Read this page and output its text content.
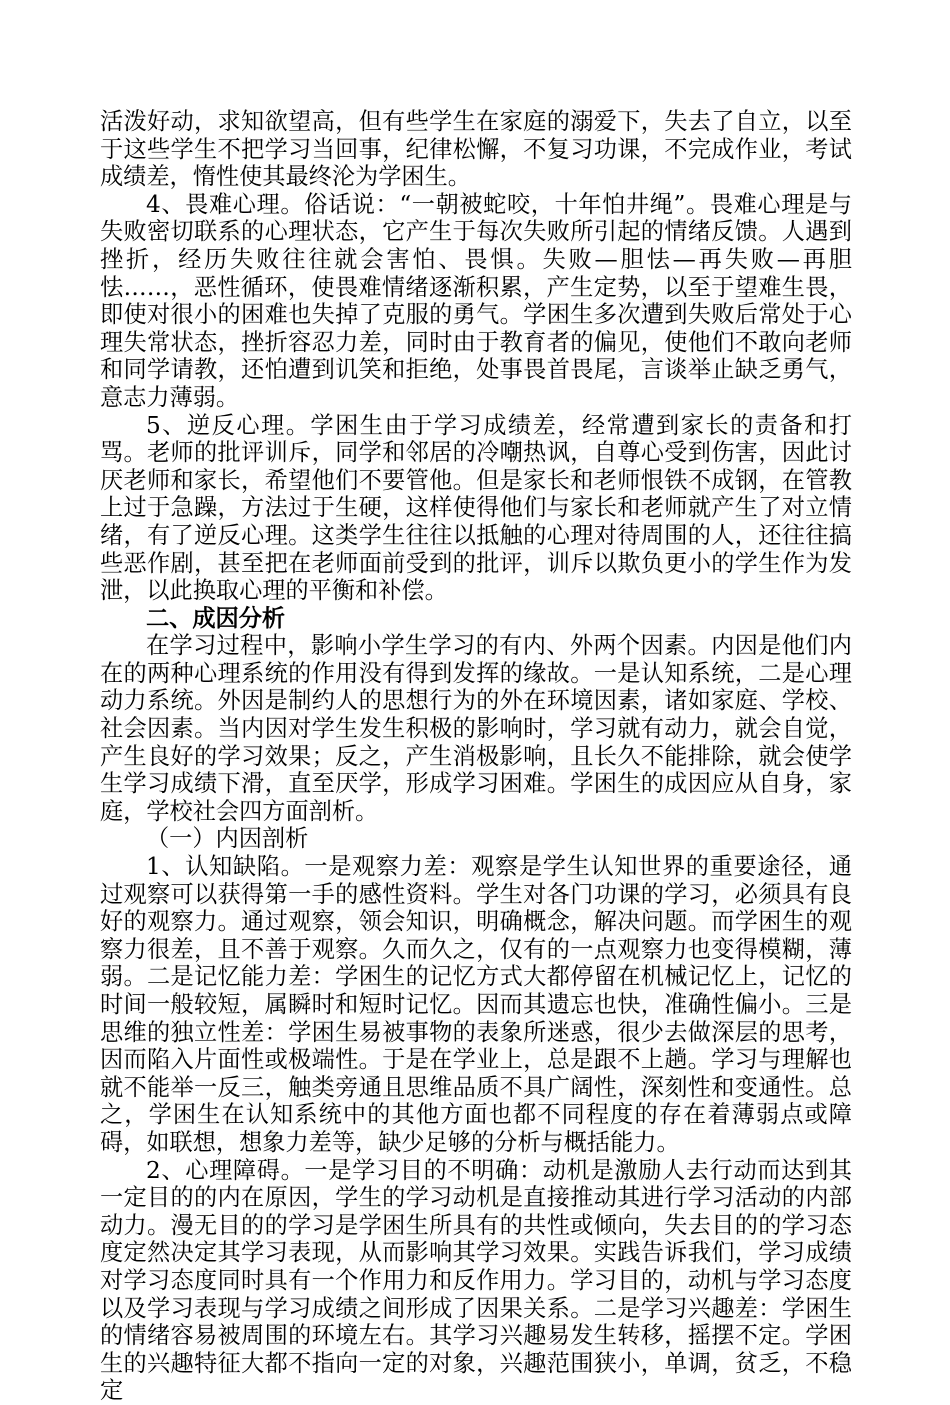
活泼好动，求知欲望高，但有些学生在家庭的溺爱下，失去了自立，以至于这些学生不把学习当回事，纪律松懈，不复习功课，不完成作业，考试成绩差，惰性使其最终沦为学困生。

4、畏难心理。俗话说：“一朝被蛇咬，十年怕井绳”。畏难心理是与失败密切联系的心理状态，它产生于每次失败所引起的情绪反馈。人遇到挫折，经历失败往往就会害怕、畏惧。失败—胆怯—再失败—再胆怯……，恶性循环，使畏难情绪逐渐积累，产生定势，以至于望难生畏，即使对很小的困难也失掉了克服的勇气。学困生多次遭到失败后常处于心理失常状态，挫折容忍力差，同时由于教育者的偏见，使他们不敢向老师和同学请教，还怕遭到讥笑和拒绝，处事畏首畏尾，言谈举止缺乏勇气，意志力薄弱。

5、逆反心理。学困生由于学习成绩差，经常遭到家长的责备和打骂。老师的批评训斥，同学和邻居的冷嘲热讽，自尊心受到伤害，因此讨厌老师和家长，希望他们不要管他。但是家长和老师恨铁不成钢，在管教上过于急躁，方法过于生硬，这样使得他们与家长和老师就产生了对立情绪，有了逆反心理。这类学生往往以抵触的心理对待周围的人，还往往搞些恶作剧，甚至把在老师面前受到的批评，训斥以欺负更小的学生作为发泄，以此换取心理的平衡和补偿。

二、成因分析

在学习过程中，影响小学生学习的有内、外两个因素。内因是他们内在的两种心理系统的作用没有得到发挥的缘故。一是认知系统，二是心理动力系统。外因是制约人的思想行为的外在环境因素，诸如家庭、学校、社会因素。当内因对学生发生积极的影响时，学习就有动力，就会自觉，产生良好的学习效果；反之，产生消极影响，且长久不能排除，就会使学生学习成绩下滑，直至厌学，形成学习困难。学困生的成因应从自身，家庭，学校社会四方面剖析。

（一）内因剖析

1、认知缺陷。一是观察力差：观察是学生认知世界的重要途径，通过观察可以获得第一手的感性资料。学生对各门功课的学习，必须具有良好的观察力。通过观察，领会知识，明确概念，解决问题。而学困生的观察力很差，且不善于观察。久而久之，仅有的一点观察力也变得模糊，薄弱。二是记忆能力差：学困生的记忆方式大都停留在机械记忆上，记忆的时间一般较短，属瞬时和短时记忆。因而其遗忘也快，准确性偏小。三是思维的独立性差：学困生易被事物的表象所迷惑，很少去做深层的思考，因而陷入片面性或极端性。于是在学业上，总是跟不上趟。学习与理解也就不能举一反三，触类旁通且思维品质不具广阔性，深刻性和变通性。总之，学困生在认知系统中的其他方面也都不同程度的存在着薄弱点或障碍，如联想，想象力差等，缺少足够的分析与概括能力。

2、心理障碍。一是学习目的不明确：动机是激励人去行动而达到其一定目的的内在原因，学生的学习动机是直接推动其进行学习活动的内部动力。漫无目的的学习是学困生所具有的共性或倾向，失去目的的学习态度定然决定其学习表现，从而影响其学习效果。实践告诉我们，学习成绩对学习态度同时具有一个作用力和反作用力。学习目的，动机与学习态度以及学习表现与学习成绩之间形成了因果关系。二是学习兴趣差：学困生的情绪容易被周围的环境左右。其学习兴趣易发生转移，摇摆不定。学困生的兴趣特征大都不指向一定的对象，兴趣范围狭小，单调，贫乏，不稳定
